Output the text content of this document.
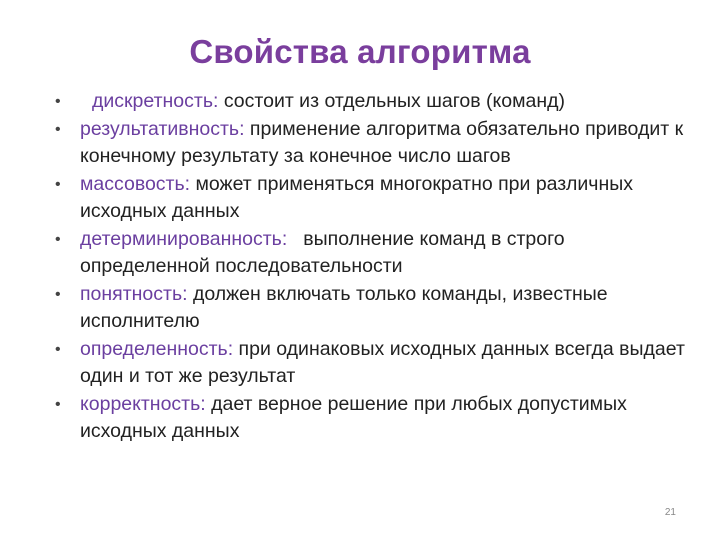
Свойства алгоритма
• дискретность: состоит из отдельных шагов (команд)
• результативность: применение алгоритма обязательно приводит к конечному результату за конечное число шагов
• массовость: может применяться многократно при различных исходных данных
• детерминированность: выполнение команд в строго определенной последовательности
• понятность: должен включать только команды, известные исполнителю
• определенность: при одинаковых исходных данных всегда выдает один и тот же результат
• корректность: дает верное решение при любых допустимых исходных данных
21
